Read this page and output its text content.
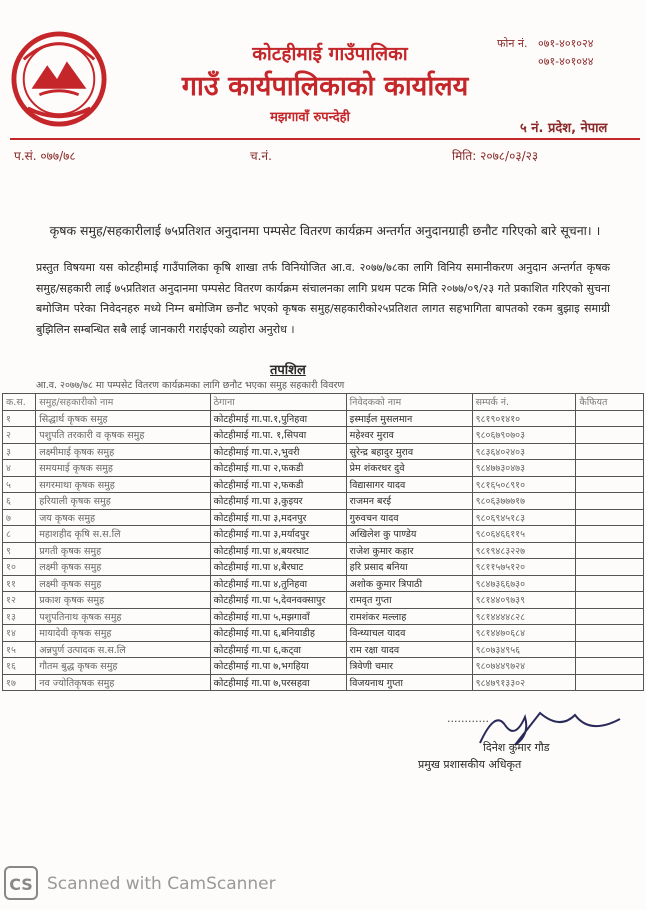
कोटहीमाई गाउँपालिका
गाउँ कार्यपालिकाको कार्यालय
मझगावाँ रुपन्देही
फोन नं. ०७१-४०१०२४
०७१-४०१०४४
५ नं. प्रदेश, नेपाल
प.सं. ०७७/७८	च.नं.	मिति: २०७८/०३/२३
कृषक समुह/सहकारीलाई ७५प्रतिशत अनुदानमा पम्पसेट वितरण कार्यक्रम अन्तर्गत अनुदानग्राही छनौट गरिएको बारे सूचना। ।
प्रस्तुत विषयमा यस कोटहीमाई गाउँपालिका कृषि शाखा तर्फ विनियोजित आ.व. २०७७/७८का लागि विनिय समानीकरण अनुदान अन्तर्गत कृषक समुह/सहकारी लाई ७५प्रतिशत अनुदानमा पम्पसेट वितरण कार्यक्रम संचालनका लागि प्रथम पटक मिति २०७७/०९/२३ गते प्रकाशित गरिएको सुचना बमोजिम परेका निवेदनहरु मध्ये निम्न बमोजिम छनौट भएको कृषक समुह/सहकारीको२५प्रतिशत लागत सहभागिता बापतको रकम बुझाइ समाग्री बुझिलिन सम्बन्धित सबै लाई जानकारी गराईएको व्यहोरा अनुरोध ।
तपशिल
आ.व. २०७७/७८ मा पम्पसेट वितरण कार्यक्रमका लागि छनौट भएका समुह सहकारी विवरण
क.स.	समुह/सहकारीको नाम	ठेगाना	निवेदकको नाम	सम्पर्क नं.	कैफियत
१	सिद्धार्थ कृषक समुह	कोटहीमाई गा.पा.१,पुनिहवा	इस्माईल मुसलमान	९८१९०१४१०	
२	पशुपति तरकारी व कृषक समुह	कोटहीमाई गा.पा. १,सिपवा	महेश्वर मुराव	९८०६७९०७०३	
३	लक्ष्मीमाई कृषक समुह	कोटहीमाई गा.पा.२,भुवरी	सुरेन्द्र बहादुर मुराव	९८३६४०२४०३	
४	समयमाई कृषक समुह	कोटहीमाई गा.पा २,फकडी	प्रेम शंकरधर दुवे	९८४७७३०४७३	
५	सगरमाथा कृषक समुह	कोटहीमाई गा.पा २,फकडी	विद्यासागर यादव	९८१६५०८९१०	
६	हरियाली कृषक समुह	कोटहीमाई गा.पा ३,कुइयर	राजमन बरई	९८०६३७७७१७	
७	जय कृषक समुह	कोटहीमाई गा.पा ३,मदनपुर	गुरुवचन यादव	९८०६९४५१८३	
८	महाशहीद कृषि स.स.लि	कोटहीमाई गा.पा ३,मर्यादपुर	अखिलेश कु पाण्डेय	९८०६४६६११५	
९	प्रगती कृषक समुह	कोटहीमाई गा.पा ४,बयरघाट	राजेश कुमार कहार	९८१९४८३२२७	
१०	लक्ष्मी कृषक समुह	कोटहीमाई गा.पा ४,बैरघाट	हरि प्रसाद बनिया	९८११५७५१२०	
११	लक्ष्मी कृषक समुह	कोटहीमाई गा.पा ४,तुनिहवा	अशोक कुमार त्रिपाठी	९८४७३६६७३०	
१२	प्रकाश कृषक समुह	कोटहीमाई गा.पा ५,देवनवक्सापुर	रामवृत गुप्ता	९८१४४०९७३९	
१३	पशुपतिनाथ कृषक समुह	कोटहीमाई गा.पा ५,मझगावाँ	रामशंकर मल्लाह	९८१४४४४८२८	
१४	मायादेवी कृषक समुह	कोटहीमाई गा.पा ६,बनियाडीह	विन्ध्याचल यादव	९८१४४७०६८४	
१५	अन्नपुर्ण उत्पादक स.स.लि	कोटहीमाई गा.पा ६,कट्वा	राम रक्षा यादव	९८०७३४९५६	
१६	गौतम बुद्ध कृषक समुह	कोटहीमाई गा.पा ७,भगहिया	त्रिवेणी चमार	९८०७४४९७२४	
१७	नव ज्योतिकृषक समुह	कोटहीमाई गा.पा ७,परसहवा	विजयनाथ गुप्ता	९८४७९१३३०२	
............
दिनेश कुमार गौड
प्रमुख प्रशासकीय अधिकृत
CS Scanned with CamScanner
